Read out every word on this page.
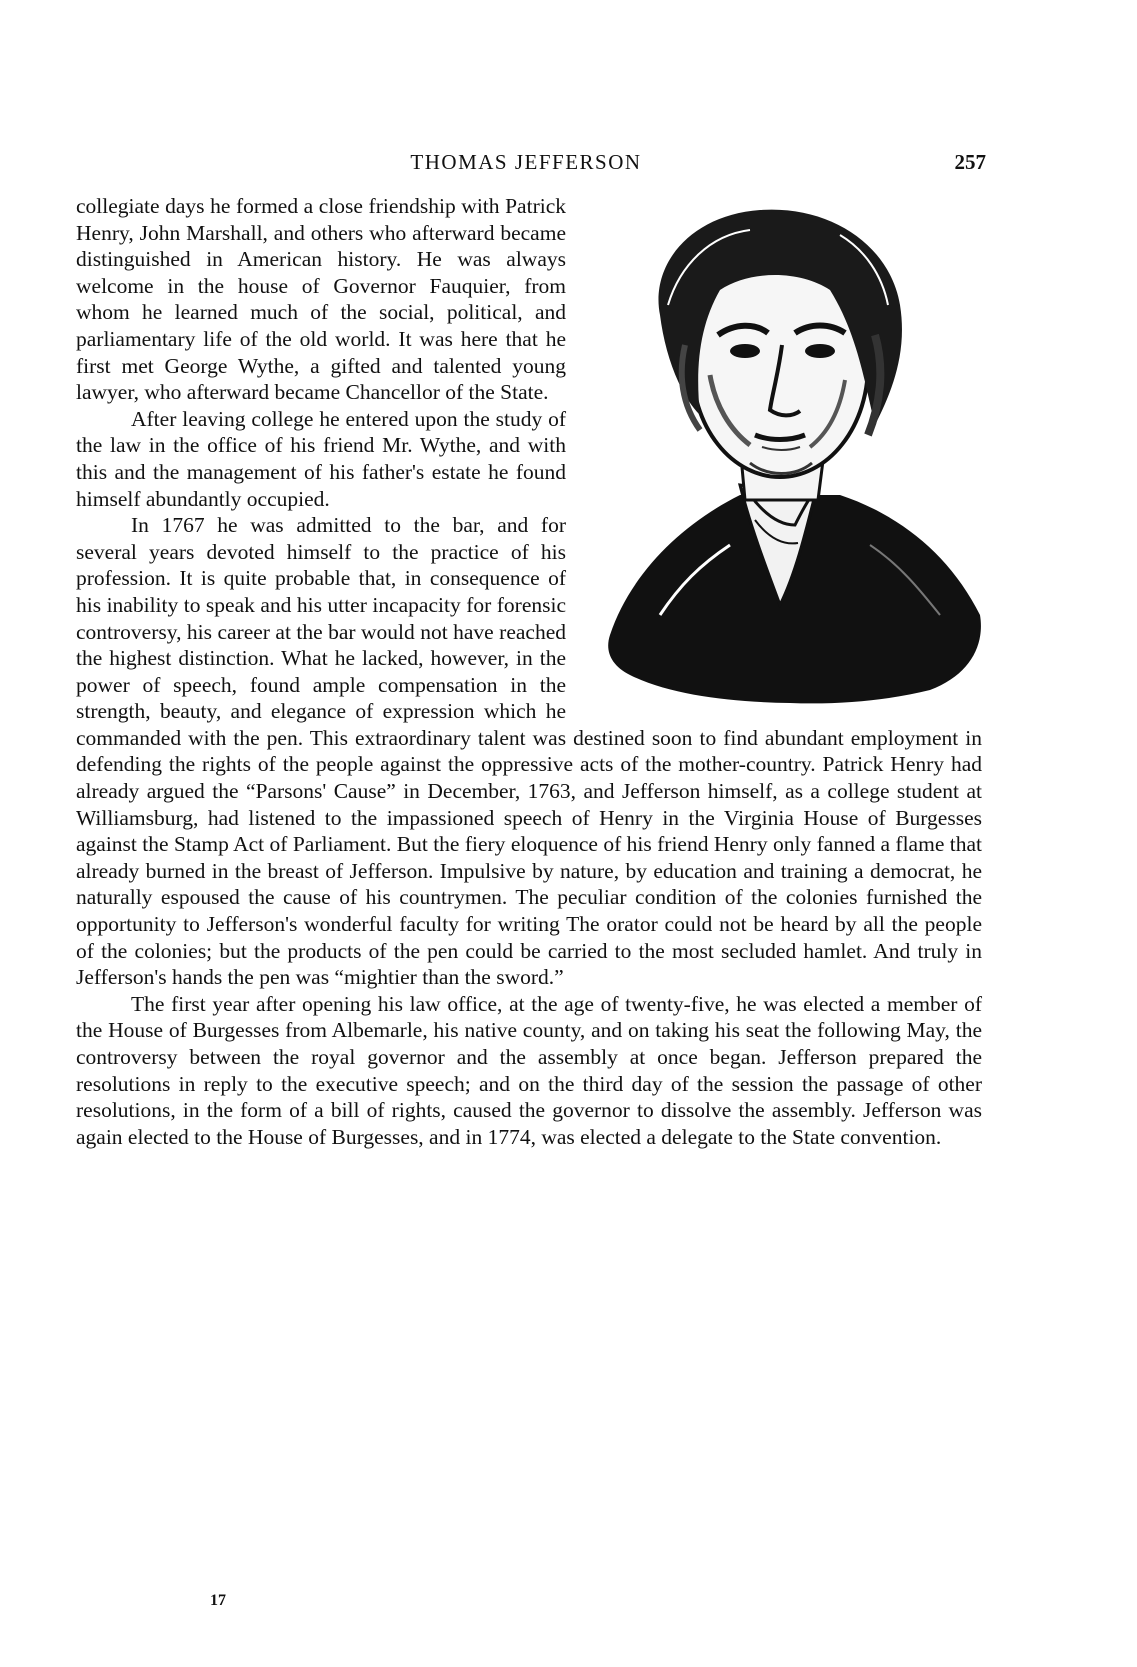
THOMAS JEFFERSON	257

collegiate days he formed a close friendship with Patrick Henry, John Marshall, and others who afterward became distinguished in American history. He was always welcome in the house of Governor Fauquier, from whom he learned much of the social, political, and parliamentary life of the old world. It was here that he first met George Wythe, a gifted and talented young lawyer, who afterward became Chancellor of the State.

After leaving college he entered upon the study of the law in the office of his friend Mr. Wythe, and with this and the management of his father's estate he found himself abundantly occupied.

In 1767 he was admitted to the bar, and for several years devoted himself to the practice of his profession. It is quite probable that, in consequence of his inability to speak and his utter incapacity for forensic controversy, his career at the bar would not have reached the highest distinction. What he lacked, however, in the power of speech, found ample compensation in the strength, beauty, and elegance of expression which he commanded with the pen. This extraordinary talent was destined soon to find abundant employment in defending the rights of the people against the oppressive acts of the mother-country. Patrick Henry had already argued the “Parsons' Cause” in December, 1763, and Jefferson himself, as a college student at Williamsburg, had listened to the impassioned speech of Henry in the Virginia House of Burgesses against the Stamp Act of Parliament. But the fiery eloquence of his friend Henry only fanned a flame that already burned in the breast of Jefferson. Impulsive by nature, by education and training a democrat, he naturally espoused the cause of his countrymen. The peculiar condition of the colonies furnished the opportunity to Jefferson's wonderful faculty for writing The orator could not be heard by all the people of the colonies; but the products of the pen could be carried to the most secluded hamlet. And truly in Jefferson's hands the pen was “mightier than the sword.”

The first year after opening his law office, at the age of twenty-five, he was elected a member of the House of Burgesses from Albemarle, his native county, and on taking his seat the following May, the controversy between the royal governor and the assembly at once began. Jefferson prepared the resolutions in reply to the executive speech; and on the third day of the session the passage of other resolutions, in the form of a bill of rights, caused the governor to dissolve the assembly. Jefferson was again elected to the House of Burgesses, and in 1774, was elected a delegate to the State convention.

17
